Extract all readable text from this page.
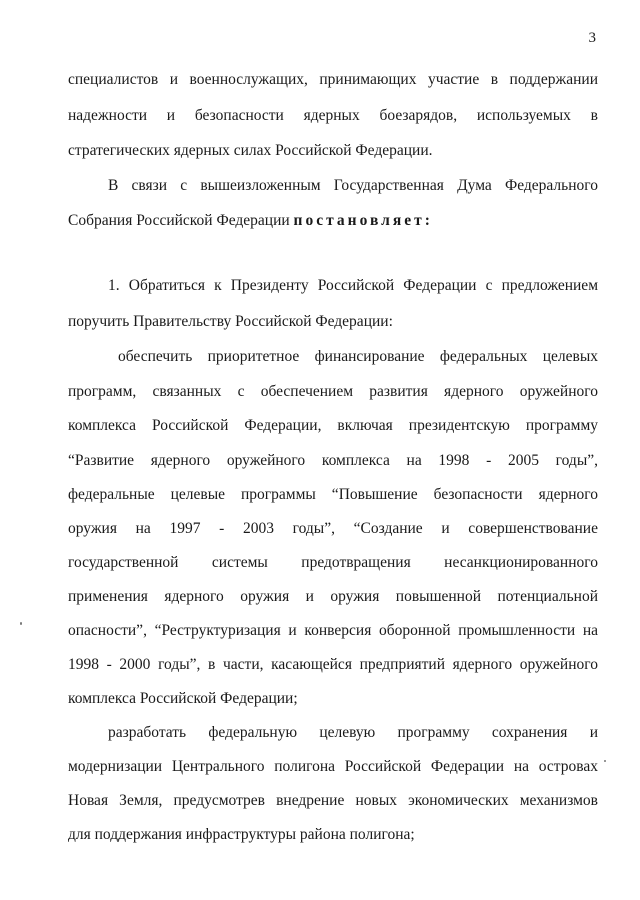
3
специалистов и военнослужащих, принимающих участие в поддержании
надежности и безопасности ядерных боезарядов, используемых в
стратегических ядерных силах Российской Федерации.
В связи с вышеизложенным Государственная Дума Федерального
Собрания Российской Федерации постановляет:
1. Обратиться к Президенту Российской Федерации с предложением
поручить Правительству Российской Федерации:
обеспечить приоритетное финансирование федеральных целевых
программ, связанных с обеспечением развития ядерного оружейного
комплекса Российской Федерации, включая президентскую программу
“Развитие ядерного оружейного комплекса на 1998 - 2005 годы”,
федеральные целевые программы “Повышение безопасности ядерного
оружия на 1997 - 2003 годы”, “Создание и совершенствование
государственной системы предотвращения несанкционированного
применения ядерного оружия и оружия повышенной потенциальной
опасности”, “Реструктуризация и конверсия оборонной промышленности на
1998 - 2000 годы”, в части, касающейся предприятий ядерного оружейного
комплекса Российской Федерации;
разработать федеральную целевую программу сохранения и
модернизации Центрального полигона Российской Федерации на островах
Новая Земля, предусмотрев внедрение новых экономических механизмов
для поддержания инфраструктуры района полигона;
